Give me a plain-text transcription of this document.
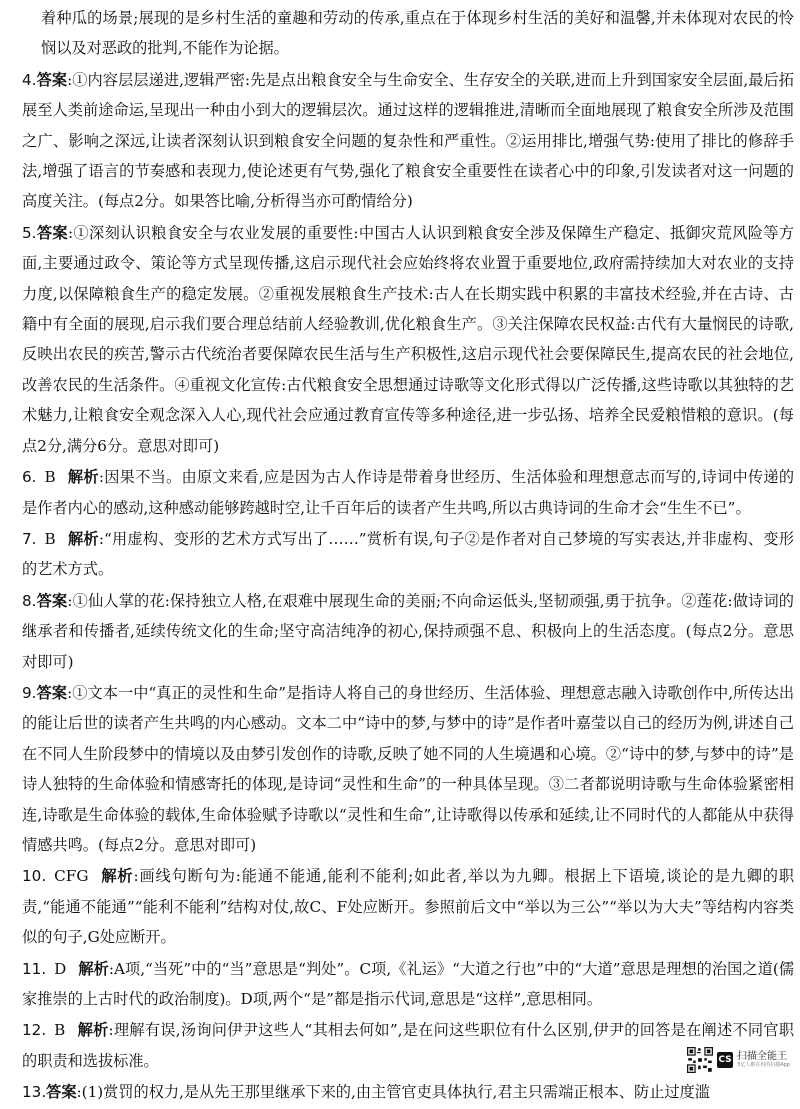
着种瓜的场景;展现的是乡村生活的童趣和劳动的传承,重点在于体现乡村生活的美好和温馨,并未体现对农民的怜悯以及对恶政的批判,不能作为论据。

4.答案:①内容层层递进,逻辑严密:先是点出粮食安全与生命安全、生存安全的关联,进而上升到国家安全层面,最后拓展至人类前途命运,呈现出一种由小到大的逻辑层次。通过这样的逻辑推进,清晰而全面地展现了粮食安全所涉及范围之广、影响之深远,让读者深刻认识到粮食安全问题的复杂性和严重性。②运用排比,增强气势:使用了排比的修辞手法,增强了语言的节奏感和表现力,使论述更有气势,强化了粮食安全重要性在读者心中的印象,引发读者对这一问题的高度关注。(每点2分。如果答比喻,分析得当亦可酌情给分)

5.答案:①深刻认识粮食安全与农业发展的重要性:中国古人认识到粮食安全涉及保障生产稳定、抵御灾荒风险等方面,主要通过政令、策论等方式呈现传播,这启示现代社会应始终将农业置于重要地位,政府需持续加大对农业的支持力度,以保障粮食生产的稳定发展。②重视发展粮食生产技术:古人在长期实践中积累的丰富技术经验,并在古诗、古籍中有全面的展现,启示我们要合理总结前人经验教训,优化粮食生产。③关注保障农民权益:古代有大量悯民的诗歌,反映出农民的疾苦,警示古代统治者要保障农民生活与生产积极性,这启示现代社会要保障民生,提高农民的社会地位,改善农民的生活条件。④重视文化宣传:古代粮食安全思想通过诗歌等文化形式得以广泛传播,这些诗歌以其独特的艺术魅力,让粮食安全观念深入人心,现代社会应通过教育宣传等多种途径,进一步弘扬、培养全民爱粮惜粮的意识。(每点2分,满分6分。意思对即可)

6. B 解析:因果不当。由原文来看,应是因为古人作诗是带着身世经历、生活体验和理想意志而写的,诗词中传递的是作者内心的感动,这种感动能够跨越时空,让千百年后的读者产生共鸣,所以古典诗词的生命才会“生生不已”。

7. B 解析:“用虚构、变形的艺术方式写出了……”赏析有误,句子②是作者对自己梦境的写实表达,并非虚构、变形的艺术方式。

8.答案:①仙人掌的花:保持独立人格,在艰难中展现生命的美丽;不向命运低头,坚韧顽强,勇于抗争。②莲花:做诗词的继承者和传播者,延续传统文化的生命;坚守高洁纯净的初心,保持顽强不息、积极向上的生活态度。(每点2分。意思对即可)

9.答案:①文本一中“真正的灵性和生命”是指诗人将自己的身世经历、生活体验、理想意志融入诗歌创作中,所传达出的能让后世的读者产生共鸣的内心感动。文本二中“诗中的梦,与梦中的诗”是作者叶嘉莹以自己的经历为例,讲述自己在不同人生阶段梦中的情境以及由梦引发创作的诗歌,反映了她不同的人生境遇和心境。②“诗中的梦,与梦中的诗”是诗人独特的生命体验和情感寄托的体现,是诗词“灵性和生命”的一种具体呈现。③二者都说明诗歌与生命体验紧密相连,诗歌是生命体验的载体,生命体验赋予诗歌以“灵性和生命”,让诗歌得以传承和延续,让不同时代的人都能从中获得情感共鸣。(每点2分。意思对即可)

10. CFG 解析:画线句断句为:能通不能通,能利不能利;如此者,举以为九卿。根据上下语境,谈论的是九卿的职责,“能通不能通”“能利不能利”结构对仗,故C、F处应断开。参照前后文中“举以为三公”“举以为大夫”等结构内容类似的句子,G处应断开。

11. D 解析:A项,“当死”中的“当”意思是“判处”。C项,《礼运》“大道之行也”中的“大道”意思是理想的治国之道(儒家推崇的上古时代的政治制度)。D项,两个“是”都是指示代词,意思是“这样”,意思相同。

12. B 解析:理解有误,汤询问伊尹这些人“其相去何如”,是在问这些职位有什么区别,伊尹的回答是在阐述不同官职的职责和选拔标准。

13.答案:(1)赏罚的权力,是从先王那里继承下来的,由主管官吏具体执行,君主只需端正根本、防止过度滥

CS 扫描全能王
3亿人都在用的扫描App
